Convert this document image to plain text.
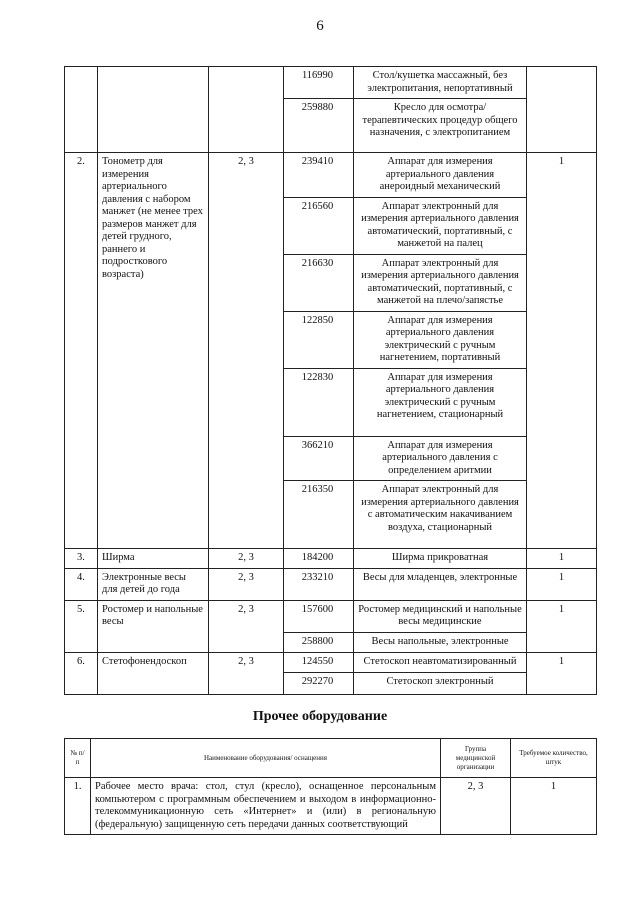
6
			116990	Стол/кушетка массажный, без электропитания, непортативный	
			259880	Кресло для осмотра/терапевтических процедур общего назначения, с электропитанием	
2.	Тонометр для измерения артериального давления с набором манжет (не менее трех размеров манжет для детей грудного, раннего и подросткового возраста)	2, 3	239410	Аппарат для измерения артериального давления анероидный механический	1
			216560	Аппарат электронный для измерения артериального давления автоматический, портативный, с манжетой на палец	
			216630	Аппарат электронный для измерения артериального давления автоматический, портативный, с манжетой на плечо/запястье	
			122850	Аппарат для измерения артериального давления электрический с ручным нагнетением, портативный	
			122830	Аппарат для измерения артериального давления электрический с ручным нагнетением, стационарный	
			366210	Аппарат для измерения артериального давления с определением аритмии	
			216350	Аппарат электронный для измерения артериального давления с автоматическим накачиванием воздуха, стационарный	
3.	Ширма	2, 3	184200	Ширма прикроватная	1
4.	Электронные весы для детей до года	2, 3	233210	Весы для младенцев, электронные	1
5.	Ростомер и напольные весы	2, 3	157600	Ростомер медицинский и напольные весы медицинские	1
			258800	Весы напольные, электронные	
6.	Стетофонендоскоп	2, 3	124550	Стетоскоп неавтоматизированный	1
			292270	Стетоскоп электронный	
Прочее оборудование
№ п/п	Наименование оборудования/ оснащения	Группа медицинской организации	Требуемое количество, штук
1.	Рабочее место врача: стол, стул (кресло), оснащенное персональным компьютером с программным обеспечением и выходом в информационно-телекоммуникационную сеть «Интернет» и (или) в региональную (федеральную) защищенную сеть передачи данных соответствующий	2, 3	1
